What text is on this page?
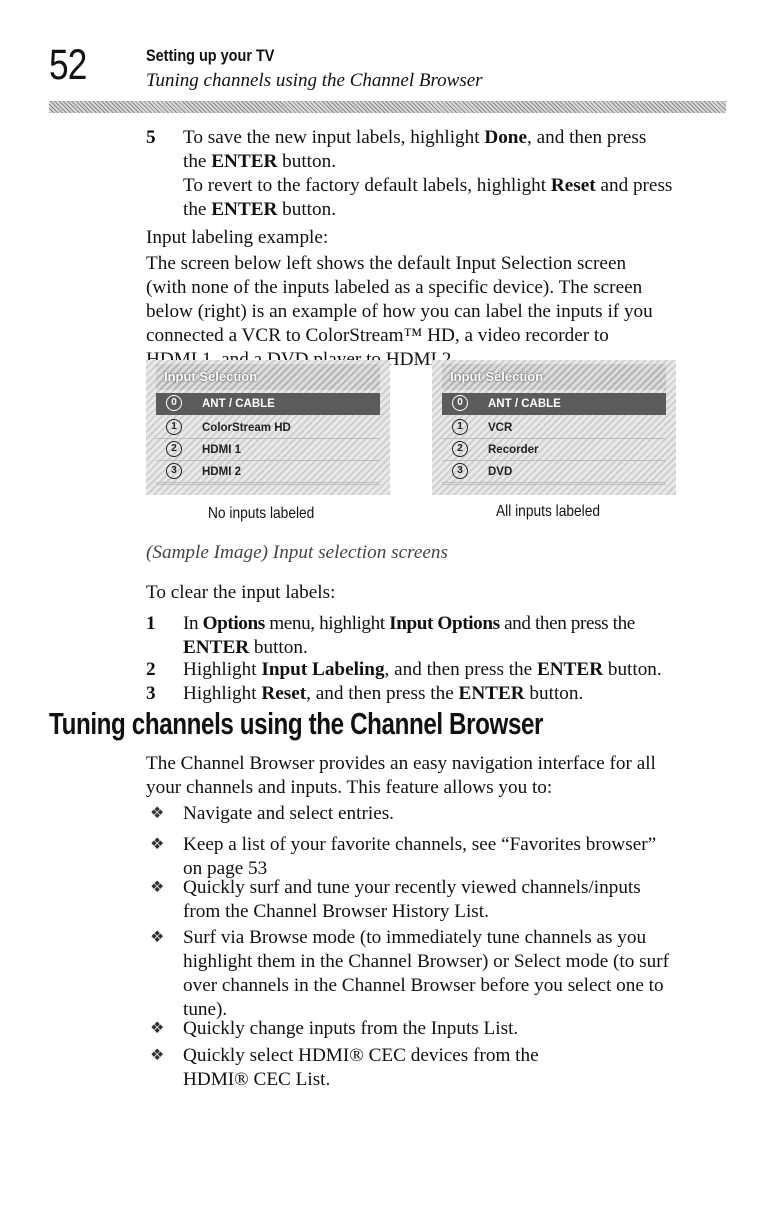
52	Setting up your TV
Tuning channels using the Channel Browser
5 To save the new input labels, highlight Done, and then press

the ENTER button.

To revert to the factory default labels, highlight Reset and press

the ENTER button.

Input labeling example:

The screen below left shows the default Input Selection screen

(with none of the inputs labeled as a specific device). The screen

below (right) is an example of how you can label the inputs if you

connected a VCR to ColorStream™ HD, a video recorder to

HDMI

Input Selection
0	ANT / CABLE
1	ColorStream HD
2	HDMI 1
3	HDMI 2
No inputs labeled
Input Selection
0	ANT / CABLE
1	VCR
2	Recorder
3	DVD
All inputs labeled

(Sample Image) Input selection screens

To clear the input labels:

1 In Options menu, highlight Input Options and then press the

ENTER button.

2 Highlight Input Labeling, and then press the ENTER button.

3 Highlight Reset, and then press the ENTER button.

Tuning channels using the Channel Browser

The Channel Browser provides an easy navigation interface for all

your channels and inputs. This feature allows you to:

❖ Navigate and select entries.

❖ Keep a list of your favorite channels, see “Favorites browser”

on page 53

❖ Quickly surf and tune your recently viewed channels/inputs

from the Channel Browser History List.

❖ Surf via Browse mode (to immediately tune channels as you

highlight them in the Channel Browser) or Select mode (to surf

over channels in the Channel Browser before you select one to

tune).

❖ Quickly change inputs from the Inputs List.

❖ Quickly select HDMI® CEC devices from the

HDMI® CEC List.
